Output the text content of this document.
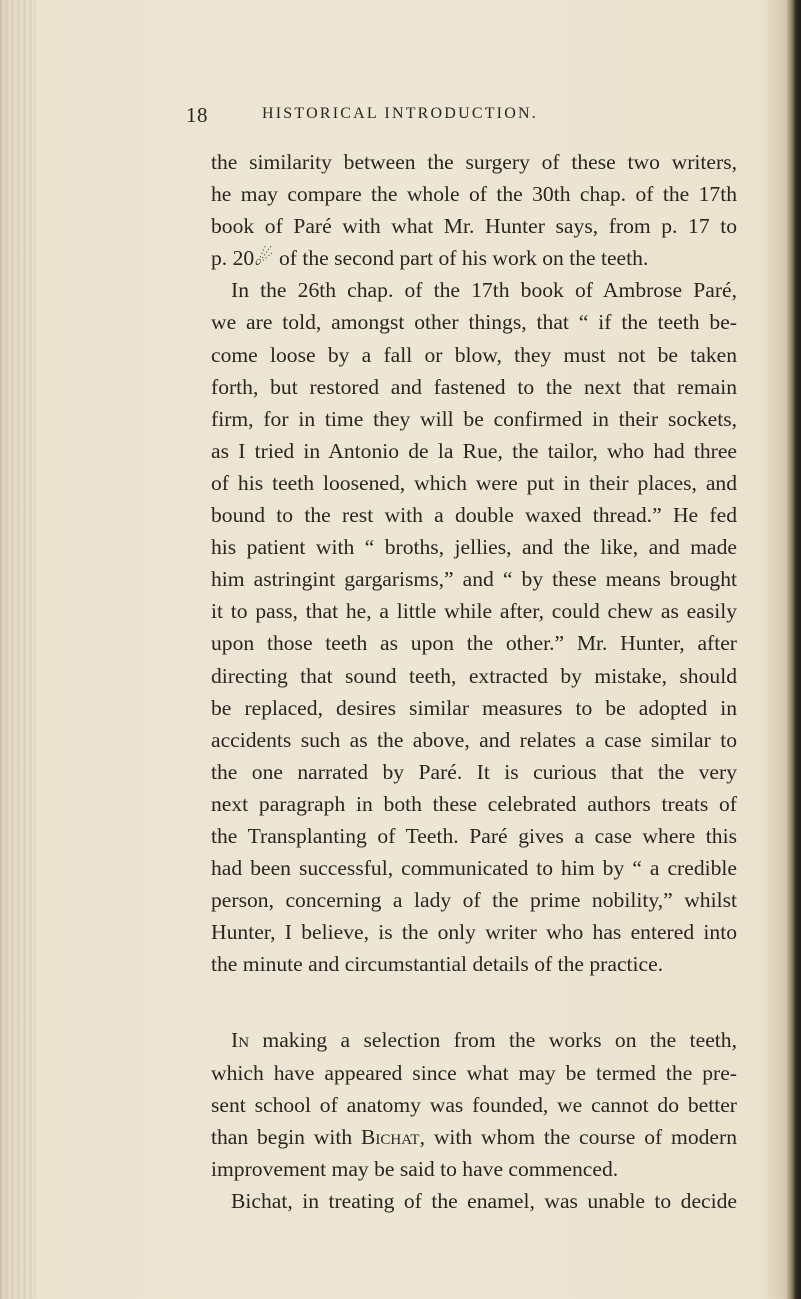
18	HISTORICAL INTRODUCTION.
the similarity between the surgery of these two writers,
he may compare the whole of the 30th chap. of the 17th
book of Paré with what Mr. Hunter says, from p. 17 to
p. 20☄ of the second part of his work on the teeth.
In the 26th chap. of the 17th book of Ambrose Paré,
we are told, amongst other things, that “ if the teeth be-
come loose by a fall or blow, they must not be taken
forth, but restored and fastened to the next that remain
firm, for in time they will be confirmed in their sockets,
as I tried in Antonio de la Rue, the tailor, who had three
of his teeth loosened, which were put in their places, and
bound to the rest with a double waxed thread.” He fed
his patient with “ broths, jellies, and the like, and made
him astringint gargarisms,” and “ by these means brought
it to pass, that he, a little while after, could chew as easily
upon those teeth as upon the other.” Mr. Hunter, after
directing that sound teeth, extracted by mistake, should
be replaced, desires similar measures to be adopted in
accidents such as the above, and relates a case similar to
the one narrated by Paré. It is curious that the very
next paragraph in both these celebrated authors treats of
the Transplanting of Teeth. Paré gives a case where this
had been successful, communicated to him by “ a credible
person, concerning a lady of the prime nobility,” whilst
Hunter, I believe, is the only writer who has entered into
the minute and circumstantial details of the practice.
In making a selection from the works on the teeth,
which have appeared since what may be termed the pre-
sent school of anatomy was founded, we cannot do better
than begin with Bichat, with whom the course of modern
improvement may be said to have commenced.
Bichat, in treating of the enamel, was unable to decide
